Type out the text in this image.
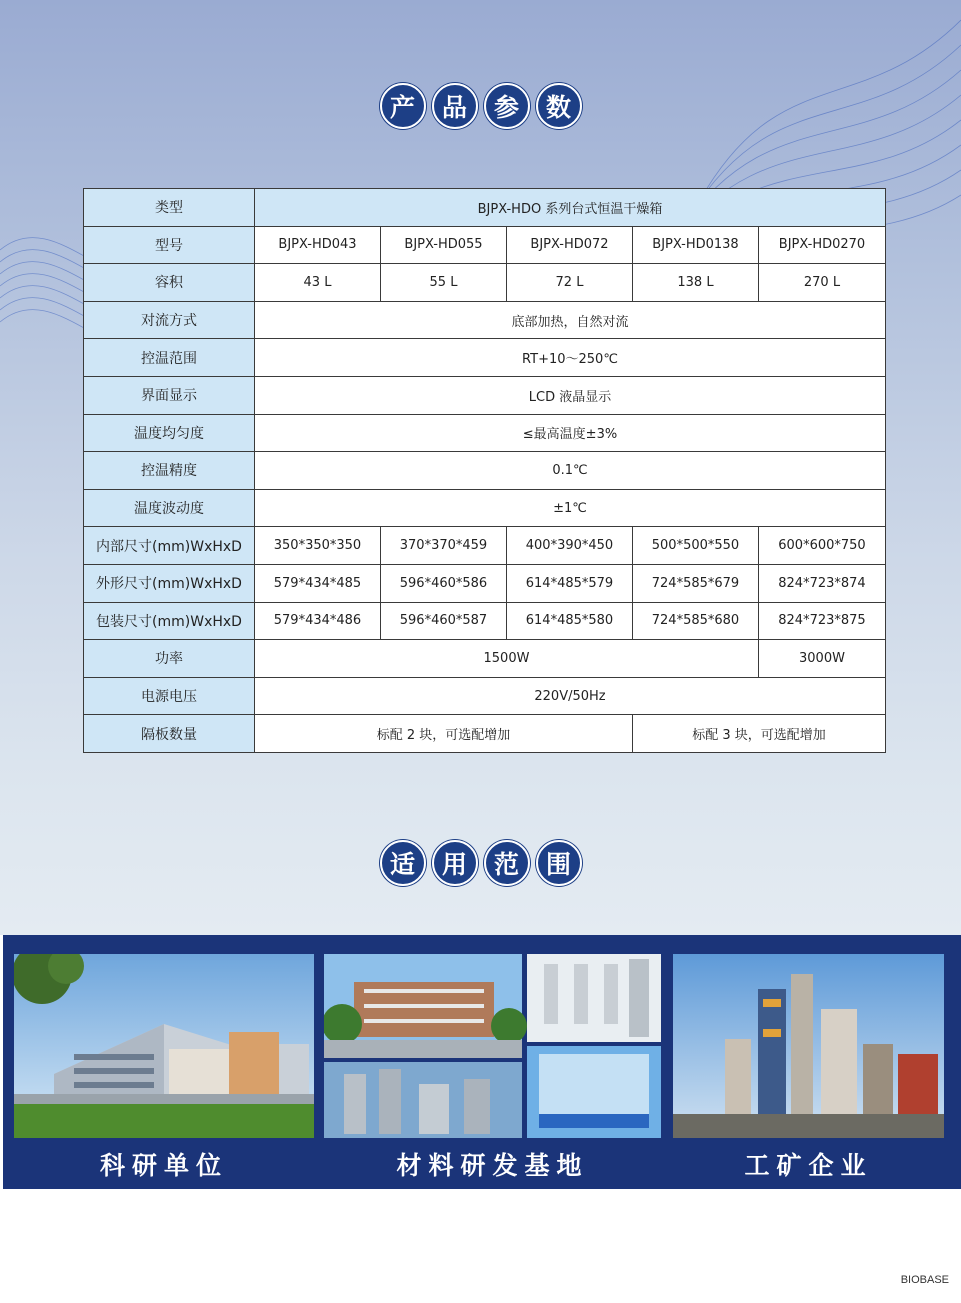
产	品	参	数
类型	BJPX-HDO 系列台式恒温干燥箱				
型号	BJPX-HD043	BJPX-HD055	BJPX-HD072	BJPX-HD0138	BJPX-HD0270
容积	43 L	55 L	72 L	138 L	270 L
对流方式	底部加热，自然对流				
控温范围	RT+10～250℃				
界面显示	LCD 液晶显示				
温度均匀度	≤最高温度±3%				
控温精度	0.1℃				
温度波动度	±1℃				
内部尺寸(mm)WxHxD	350*350*350	370*370*459	400*390*450	500*500*550	600*600*750
外形尺寸(mm)WxHxD	579*434*485	596*460*586	614*485*579	724*585*679	824*723*874
包装尺寸(mm)WxHxD	579*434*486	596*460*587	614*485*580	724*585*680	824*723*875
功率	1500W				3000W
电源电压	220V/50Hz				
隔板数量	标配 2 块，可选配增加			标配 3 块，可选配增加	
适	用	范	围
科研单位	材料研发基地	工矿企业
BIOBASE
